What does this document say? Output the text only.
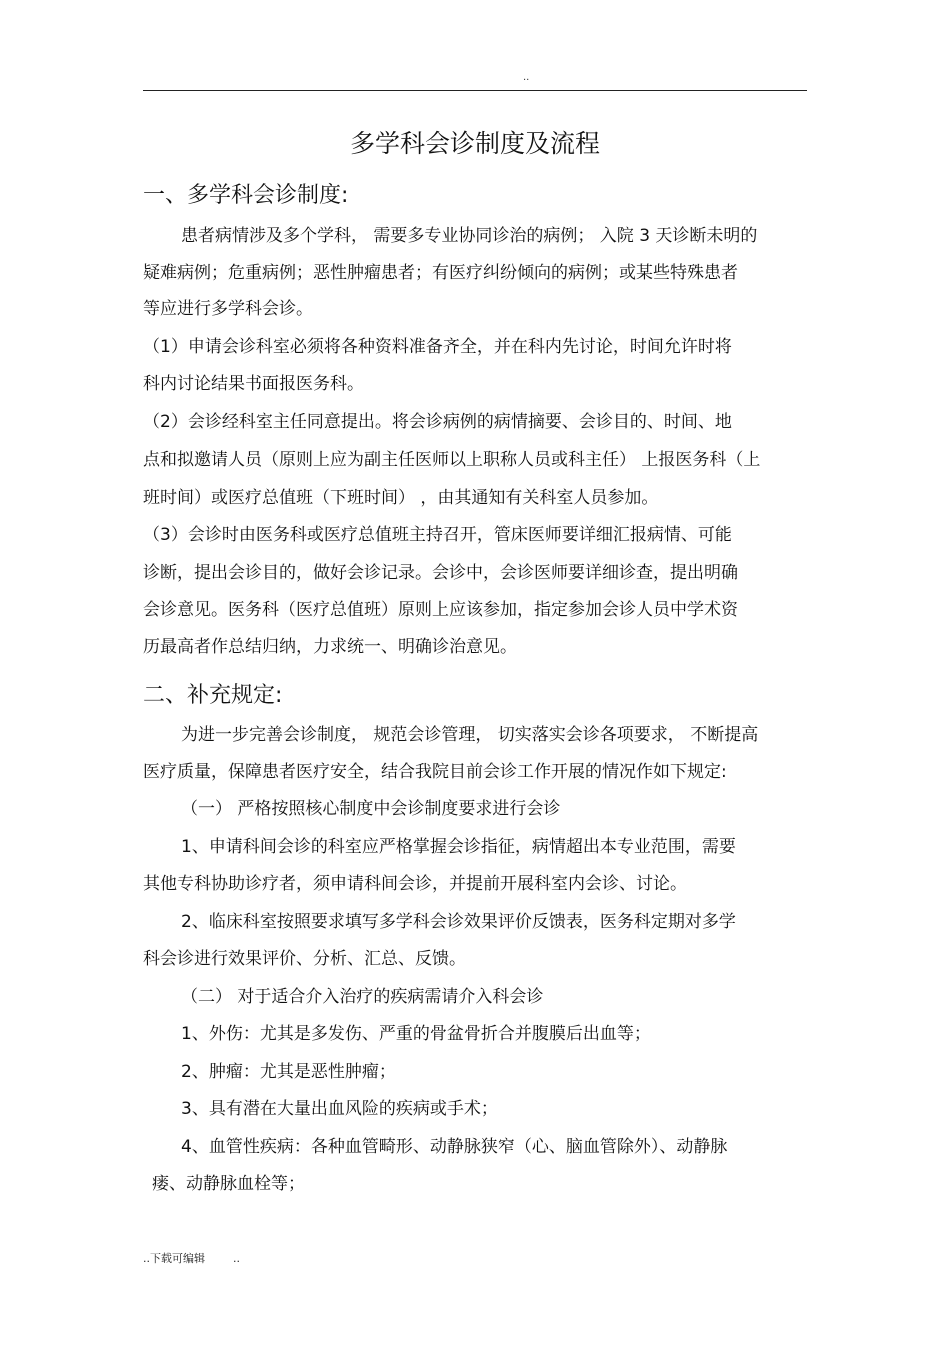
..
多学科会诊制度及流程
一、多学科会诊制度:
患者病情涉及多个学科， 需要多专业协同诊治的病例； 入院 3 天诊断未明的
疑难病例；危重病例；恶性肿瘤患者；有医疗纠纷倾向的病例；或某些特殊患者
等应进行多学科会诊。
（1）申请会诊科室必须将各种资料准备齐全，并在科内先讨论，时间允许时将
科内讨论结果书面报医务科。
（2）会诊经科室主任同意提出。将会诊病例的病情摘要、会诊目的、时间、地
点和拟邀请人员（原则上应为副主任医师以上职称人员或科主任） 上报医务科（上
班时间）或医疗总值班（下班时间） ，由其通知有关科室人员参加。
（3）会诊时由医务科或医疗总值班主持召开，管床医师要详细汇报病情、可能
诊断，提出会诊目的，做好会诊记录。会诊中，会诊医师要详细诊查，提出明确
会诊意见。医务科（医疗总值班）原则上应该参加，指定参加会诊人员中学术资
历最高者作总结归纳，力求统一、明确诊治意见。
二、补充规定:
为进一步完善会诊制度， 规范会诊管理， 切实落实会诊各项要求， 不断提高
医疗质量，保障患者医疗安全，结合我院目前会诊工作开展的情况作如下规定:
（一） 严格按照核心制度中会诊制度要求进行会诊
1、申请科间会诊的科室应严格掌握会诊指征，病情超出本专业范围，需要
其他专科协助诊疗者，须申请科间会诊，并提前开展科室内会诊、讨论。
2、临床科室按照要求填写多学科会诊效果评价反馈表，医务科定期对多学
科会诊进行效果评价、分析、汇总、反馈。
（二） 对于适合介入治疗的疾病需请介入科会诊
1、外伤：尤其是多发伤、严重的骨盆骨折合并腹膜后出血等；
2、肿瘤：尤其是恶性肿瘤；
3、具有潜在大量出血风险的疾病或手术；
4、血管性疾病：各种血管畸形、动静脉狭窄（心、脑血管除外）、动静脉
瘘、动静脉血栓等；
..下载可编辑	..
